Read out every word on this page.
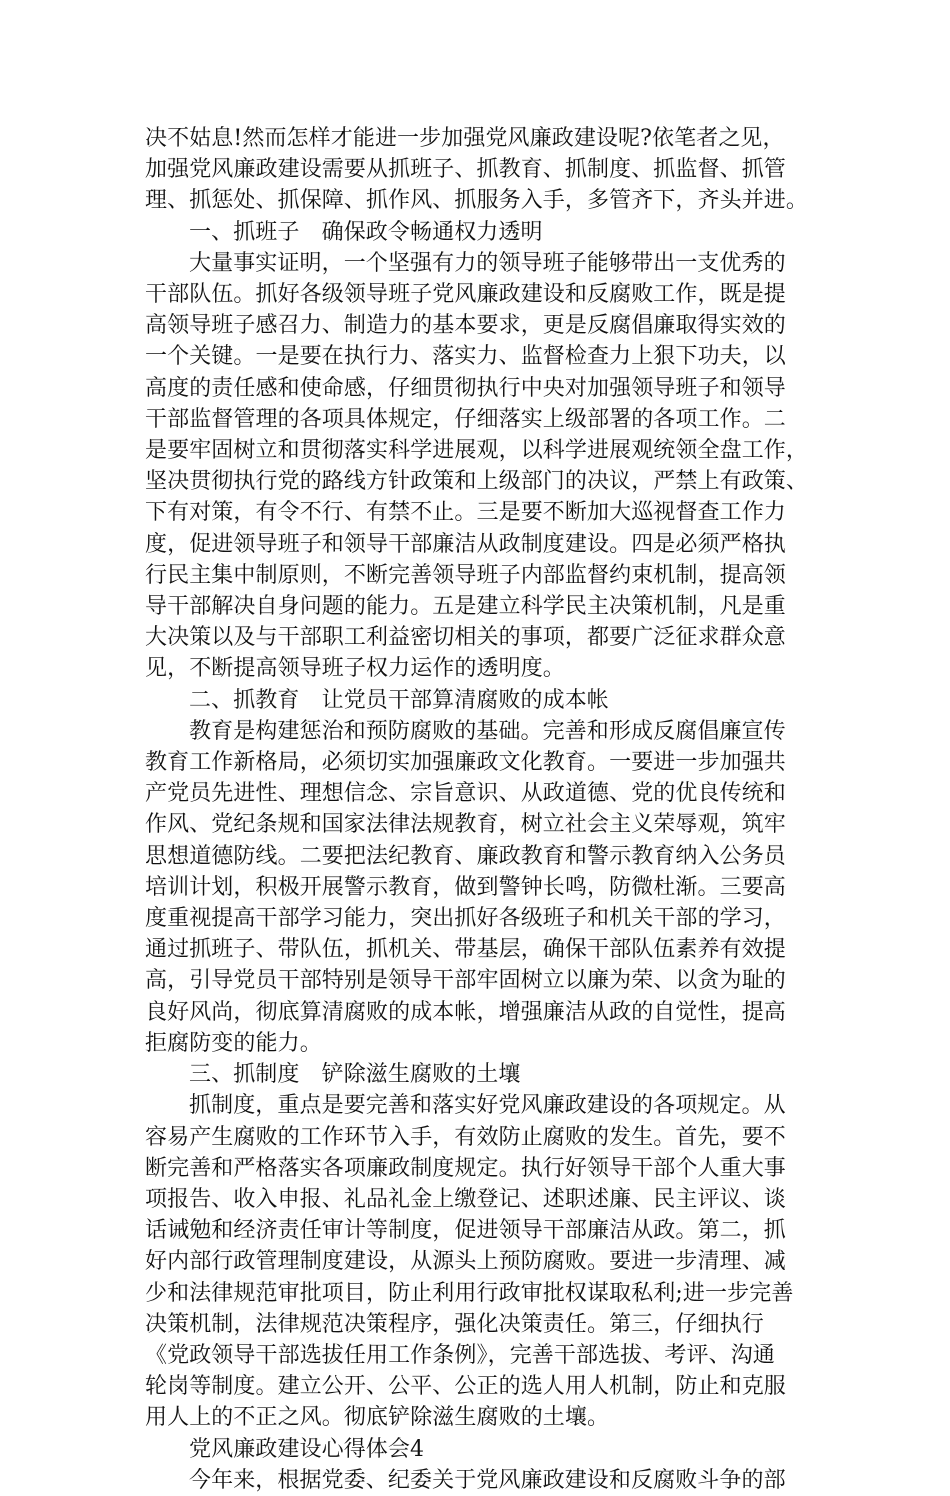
决不姑息!然而怎样才能进一步加强党风廉政建设呢?依笔者之见，
加强党风廉政建设需要从抓班子、抓教育、抓制度、抓监督、抓管
理、抓惩处、抓保障、抓作风、抓服务入手，多管齐下，齐头并进。
一、抓班子　确保政令畅通权力透明
大量事实证明，一个坚强有力的领导班子能够带出一支优秀的
干部队伍。抓好各级领导班子党风廉政建设和反腐败工作，既是提
高领导班子感召力、制造力的基本要求，更是反腐倡廉取得实效的
一个关键。一是要在执行力、落实力、监督检查力上狠下功夫，以
高度的责任感和使命感，仔细贯彻执行中央对加强领导班子和领导
干部监督管理的各项具体规定，仔细落实上级部署的各项工作。二
是要牢固树立和贯彻落实科学进展观，以科学进展观统领全盘工作，
坚决贯彻执行党的路线方针政策和上级部门的决议，严禁上有政策、
下有对策，有令不行、有禁不止。三是要不断加大巡视督查工作力
度，促进领导班子和领导干部廉洁从政制度建设。四是必须严格执
行民主集中制原则，不断完善领导班子内部监督约束机制，提高领
导干部解决自身问题的能力。五是建立科学民主决策机制，凡是重
大决策以及与干部职工利益密切相关的事项，都要广泛征求群众意
见，不断提高领导班子权力运作的透明度。
二、抓教育　让党员干部算清腐败的成本帐
教育是构建惩治和预防腐败的基础。完善和形成反腐倡廉宣传
教育工作新格局，必须切实加强廉政文化教育。一要进一步加强共
产党员先进性、理想信念、宗旨意识、从政道德、党的优良传统和
作风、党纪条规和国家法律法规教育，树立社会主义荣辱观，筑牢
思想道德防线。二要把法纪教育、廉政教育和警示教育纳入公务员
培训计划，积极开展警示教育，做到警钟长鸣，防微杜渐。三要高
度重视提高干部学习能力，突出抓好各级班子和机关干部的学习，
通过抓班子、带队伍，抓机关、带基层，确保干部队伍素养有效提
高，引导党员干部特别是领导干部牢固树立以廉为荣、以贪为耻的
良好风尚，彻底算清腐败的成本帐，增强廉洁从政的自觉性，提高
拒腐防变的能力。
三、抓制度　铲除滋生腐败的土壤
抓制度，重点是要完善和落实好党风廉政建设的各项规定。从
容易产生腐败的工作环节入手，有效防止腐败的发生。首先，要不
断完善和严格落实各项廉政制度规定。执行好领导干部个人重大事
项报告、收入申报、礼品礼金上缴登记、述职述廉、民主评议、谈
话诫勉和经济责任审计等制度，促进领导干部廉洁从政。第二，抓
好内部行政管理制度建设，从源头上预防腐败。要进一步清理、减
少和法律规范审批项目，防止利用行政审批权谋取私利;进一步完善
决策机制，法律规范决策程序，强化决策责任。第三，仔细执行
《党政领导干部选拔任用工作条例》，完善干部选拔、考评、沟通
轮岗等制度。建立公开、公平、公正的选人用人机制，防止和克服
用人上的不正之风。彻底铲除滋生腐败的土壤。
党风廉政建设心得体会4
今年来，根据党委、纪委关于党风廉政建设和反腐败斗争的部
